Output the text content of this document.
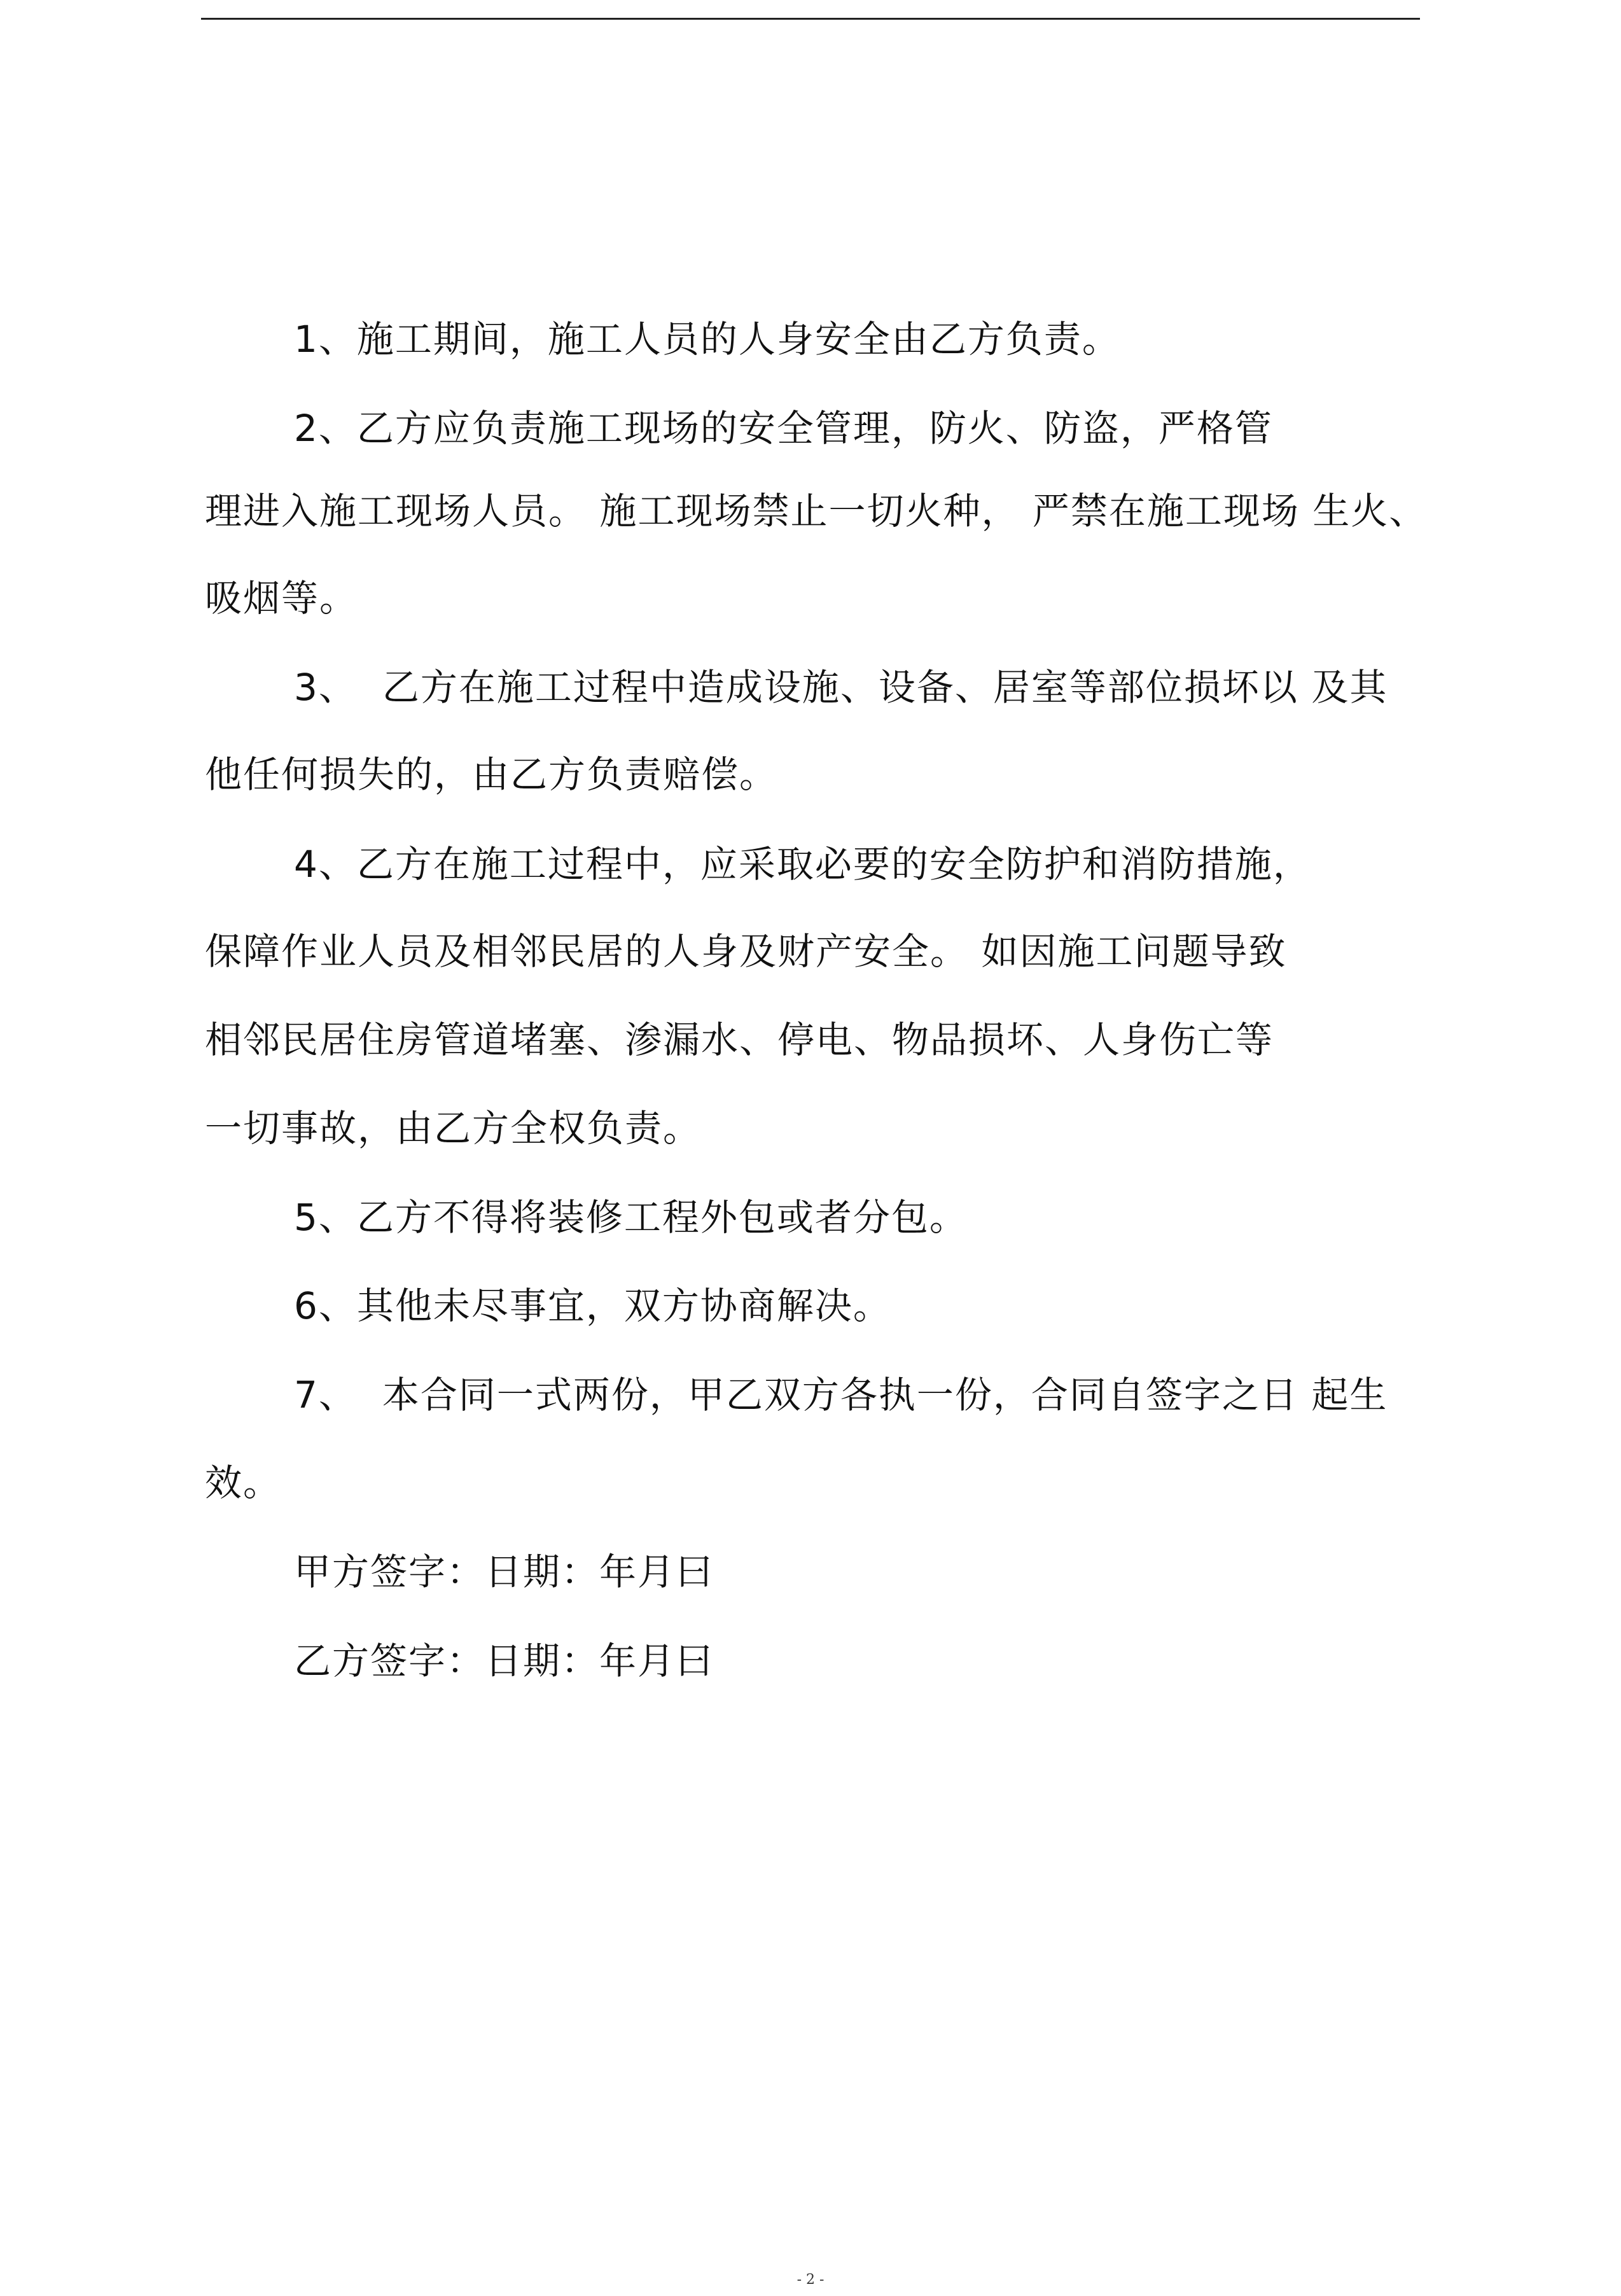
1、施工期间，施工人员的人身安全由乙方负责。

2、乙方应负责施工现场的安全管理，防火、防盗，严格管

理进入施工现场人员。 施工现场禁止一切火种， 严禁在施工现场 生火、

吸烟等。

3、 乙方在施工过程中造成设施、设备、居室等部位损坏以 及其

他任何损失的，由乙方负责赔偿。

4、乙方在施工过程中，应采取必要的安全防护和消防措施，

保障作业人员及相邻民居的人身及财产安全。 如因施工问题导致

相邻民居住房管道堵塞、渗漏水、停电、物品损坏、人身伤亡等

一切事故，由乙方全权负责。

5、乙方不得将装修工程外包或者分包。

6、其他未尽事宜，双方协商解决。

7、 本合同一式两份，甲乙双方各执一份，合同自签字之日 起生

效。

甲方签字：日期：年月曰
乙方签字：日期：年月曰
- 2 -
